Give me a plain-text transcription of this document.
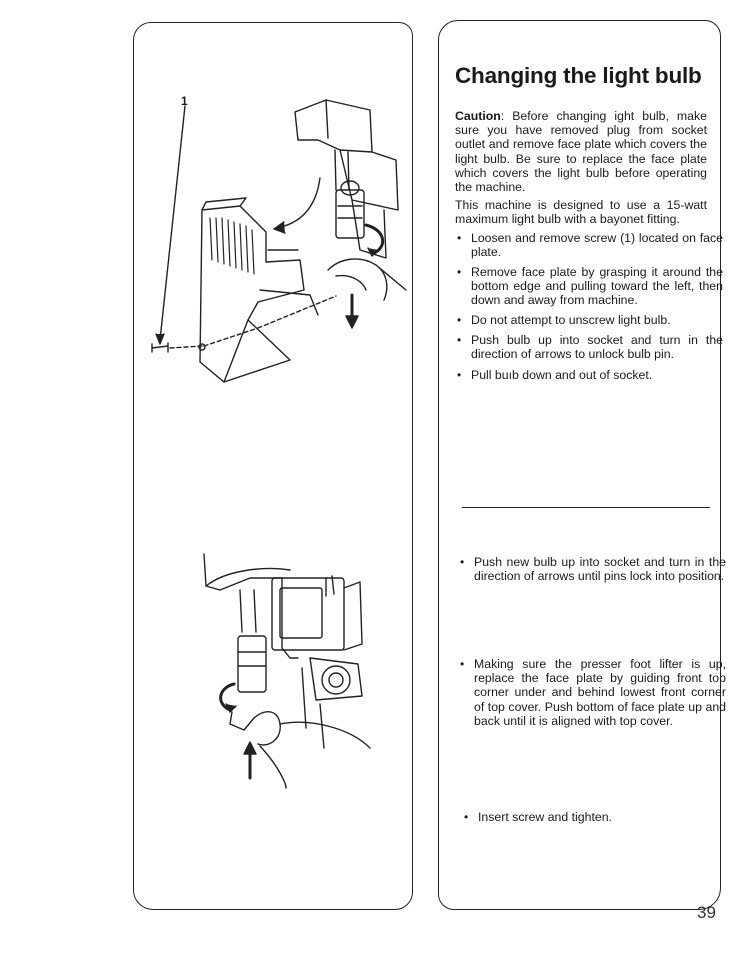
1
Changing the light bulb

Caution: Before changing ight bulb, make sure you have removed plug from socket outlet and remove face plate which covers the light bulb. Be sure to replace the face plate which covers the light bulb before operating the machine.

This machine is designed to use a 15-watt maximum light bulb with a bayonet fitting.

• Loosen and remove screw (1) located on face plate.
• Remove face plate by grasping it around the bottom edge and pulling toward the left, then down and away from machine.
• Do not attempt to unscrew light bulb.
• Push bulb up into socket and turn in the direction of arrows to unlock bulb pin.
• Pull buıb down and out of socket.
• Push new bulb up into socket and turn in the direction of arrows until pins lock into position.
• Making sure the presser foot lifter is up, replace the face plate by guiding front top corner under and behind lowest front corner of top cover. Push bottom of face plate up and back until it is aligned with top cover.
• Insert screw and tighten.
39
